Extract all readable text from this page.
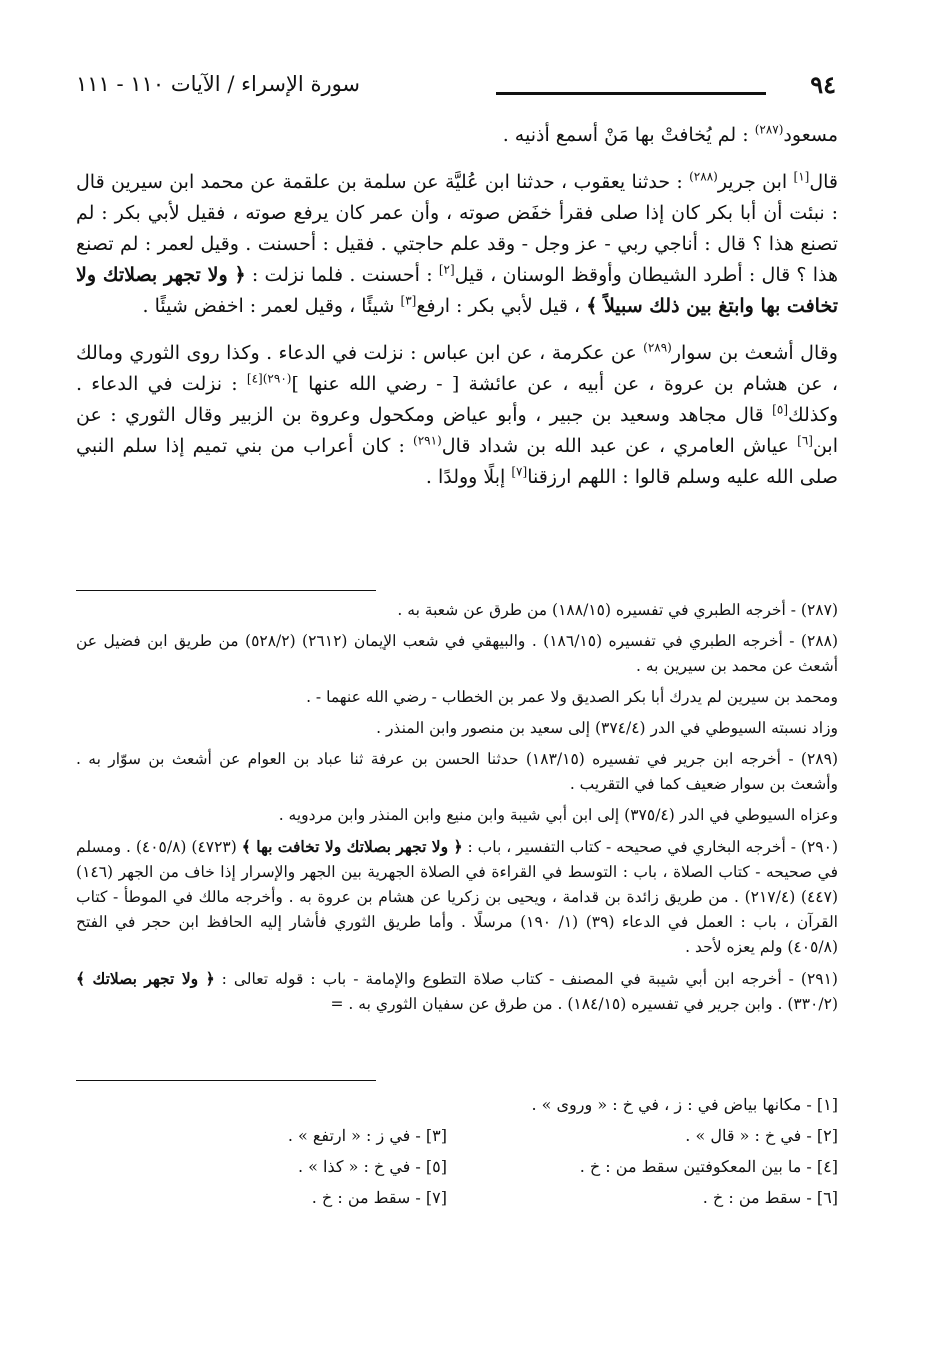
٩٤
سورة الإسراء / الآيات ١١٠ - ١١١

مسعود$^{(٢٨٧)}$ : لم يُخافتْ بها مَنْ أسمع أذنيه .

قال[١] ابن جرير$^{(٢٨٨)}$ : حدثنا يعقوب ، حدثنا ابن عُليَّة عن سلمة بن علقمة عن محمد ابن سيرين قال : نبئت أن أبا بكر كان إذا صلى فقرأ خفَض صوته ، وأن عمر كان يرفع صوته ، فقيل لأبي بكر : لم تصنع هذا ؟ قال : أناجي ربي - عز وجل - وقد علم حاجتي . فقيل : أحسنت . وقيل لعمر : لم تصنع هذا ؟ قال : أطرد الشيطان وأوقظ الوسنان ، قيل[٢] : أحسنت . فلما نزلت : ﴿ ولا تجهر بصلاتك ولا تخافت بها وابتغ بين ذلك سبيلاً ﴾ ، قيل لأبي بكر : ارفع[٣] شيئًا ، وقيل لعمر : اخفض شيئًا .

وقال أشعث بن سوار$^{(٢٨٩)}$ عن عكرمة ، عن ابن عباس : نزلت في الدعاء . وكذا روى الثوري ومالك ، عن هشام بن عروة ، عن أبيه ، عن عائشة [ - رضي الله عنها ]$^{(٢٩٠)[٤]}$ : نزلت في الدعاء . وكذلك[٥] قال مجاهد وسعيد بن جبير ، وأبو عياض ومكحول وعروة بن الزبير وقال الثوري : عن ابن[٦] عياش العامري ، عن عبد الله بن شداد قال$^{(٢٩١)}$ : كان أعراب من بني تميم إذا سلم النبي صلى الله عليه وسلم قالوا : اللهم ارزقنا[٧] إبلًا وولدًا .

(٢٨٧) - أخرجه الطبري في تفسيره (١٨٨/١٥) من طرق عن شعبة به .

(٢٨٨) - أخرجه الطبري في تفسيره (١٨٦/١٥) . والبيهقي في شعب الإيمان (٢٦١٢) (٥٢٨/٢) من طريق ابن فضيل عن أشعث عن محمد بن سيرين به .

ومحمد بن سيرين لم يدرك أبا بكر الصديق ولا عمر بن الخطاب - رضي الله عنهما - .

وزاد نسبته السيوطي في الدر (٣٧٤/٤) إلى سعيد بن منصور وابن المنذر .

(٢٨٩) - أخرجه ابن جرير في تفسيره (١٨٣/١٥) حدثنا الحسن بن عرفة ثنا عباد بن العوام عن أشعث بن سوّار به . وأشعث بن سوار ضعيف كما في التقريب .

وعزاه السيوطي في الدر (٣٧٥/٤) إلى ابن أبي شيبة وابن منيع وابن المنذر وابن مردويه .

(٢٩٠) - أخرجه البخاري في صحيحه - كتاب التفسير ، باب : ﴿ ولا تجهر بصلاتك ولا تخافت بها ﴾ (٤٧٢٣) (٤٠٥/٨) . ومسلم في صحيحه - كتاب الصلاة ، باب : التوسط في القراءة في الصلاة الجهرية بين الجهر والإسرار إذا خاف من الجهر (١٤٦) (٤٤٧) (٢١٧/٤) . من طريق زائدة بن قدامة ، ويحيى بن زكريا عن هشام بن عروة به . وأخرجه مالك في الموطأ - كتاب القرآن ، باب : العمل في الدعاء (٣٩) (١/ ١٩٠) مرسلًا . وأما طريق الثوري فأشار إليه الحافظ ابن حجر في الفتح (٤٠٥/٨) ولم يعزه لأحد .

(٢٩١) - أخرجه ابن أبي شيبة في المصنف - كتاب صلاة التطوع والإمامة - باب : قوله تعالى : ﴿ ولا تجهر بصلاتك ﴾ (٣٣٠/٢) . وابن جرير في تفسيره (١٨٤/١٥) . من طرق عن سفيان الثوري به . =

[١] - مكانها بياض في : ز ، في خ : « وروى » .
[٢] - في خ : « قال » .
[٣] - في ز : « ارتفع » .
[٤] - ما بين المعكوفتين سقط من : خ .
[٥] - في خ : « كذا » .
[٦] - سقط من : خ .
[٧] - سقط من : خ .
